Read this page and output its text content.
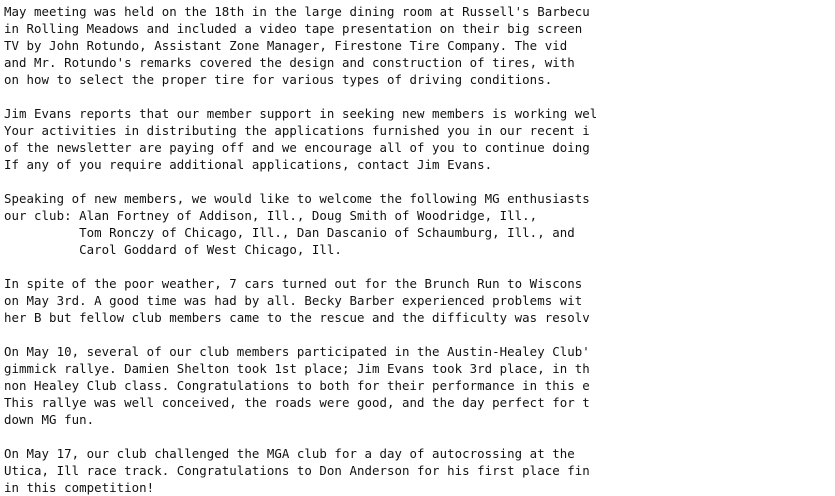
May meeting was held on the 18th in the large dining room at Russell's Barbecu
in Rolling Meadows and included a video tape presentation on their big screen
TV by John Rotundo, Assistant Zone Manager, Firestone Tire Company. The vid
and Mr. Rotundo's remarks covered the design and construction of tires, with
on how to select the proper tire for various types of driving conditions.
Jim Evans reports that our member support in seeking new members is working wel
Your activities in distributing the applications furnished you in our recent i
of the newsletter are paying off and we encourage all of you to continue doing
If any of you require additional applications, contact Jim Evans.
Speaking of new members, we would like to welcome the following MG enthusiasts
our club: Alan Fortney of Addison, Ill., Doug Smith of Woodridge, Ill.,
Tom Ronczy of Chicago, Ill., Dan Dascanio of Schaumburg, Ill., and
Carol Goddard of West Chicago, Ill.
In spite of the poor weather, 7 cars turned out for the Brunch Run to Wiscons
on May 3rd. A good time was had by all. Becky Barber experienced problems wit
her B but fellow club members came to the rescue and the difficulty was resolv
On May 10, several of our club members participated in the Austin-Healey Club'
gimmick rallye. Damien Shelton took 1st place; Jim Evans took 3rd place, in th
non Healey Club class. Congratulations to both for their performance in this e
This rallye was well conceived, the roads were good, and the day perfect for t
down MG fun.
On May 17, our club challenged the MGA club for a day of autocrossing at the
Utica, Ill race track. Congratulations to Don Anderson for his first place fin
in this competition!
